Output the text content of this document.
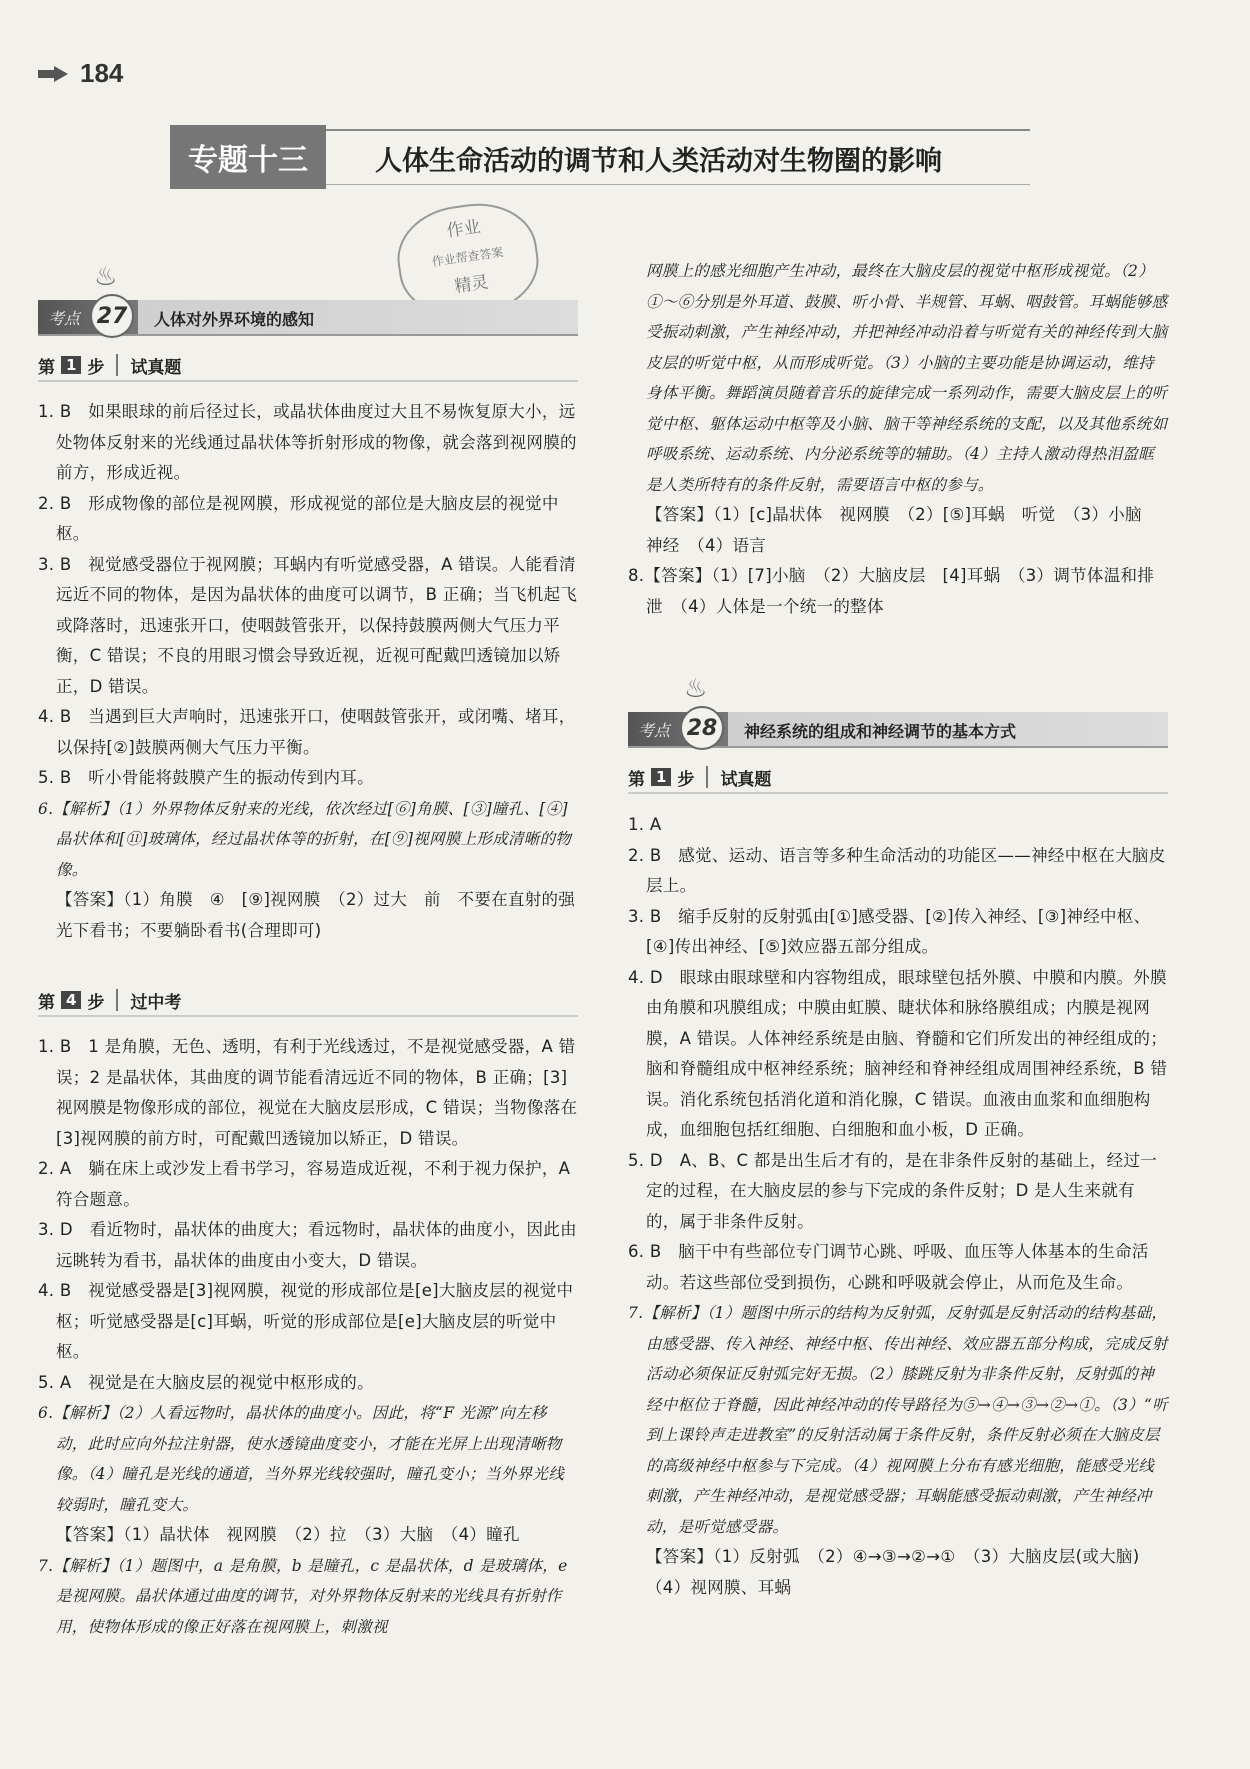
184
专题十三	人体生命活动的调节和人类活动对生物圈的影响
作业
作业帮查答案
精灵
♨
考点 27	人体对外界环境的感知
第 1 步 试真题

1. B　如果眼球的前后径过长，或晶状体曲度过大且不易恢复原大小，远处物体反射来的光线通过晶状体等折射形成的物像，就会落到视网膜的前方，形成近视。

2. B　形成物像的部位是视网膜，形成视觉的部位是大脑皮层的视觉中枢。

3. B　视觉感受器位于视网膜；耳蜗内有听觉感受器，A 错误。人能看清远近不同的物体，是因为晶状体的曲度可以调节，B 正确；当飞机起飞或降落时，迅速张开口，使咽鼓管张开，以保持鼓膜两侧大气压力平衡，C 错误；不良的用眼习惯会导致近视，近视可配戴凹透镜加以矫正，D 错误。

4. B　当遇到巨大声响时，迅速张开口，使咽鼓管张开，或闭嘴、堵耳，以保持[②]鼓膜两侧大气压力平衡。

5. B　听小骨能将鼓膜产生的振动传到内耳。

6.【解析】（1）外界物体反射来的光线，依次经过[⑥]角膜、[③]瞳孔、[④]晶状体和[⑪]玻璃体，经过晶状体等的折射，在[⑨]视网膜上形成清晰的物像。

【答案】（1）角膜　④　[⑨]视网膜　（2）过大　前　不要在直射的强光下看书；不要躺卧看书(合理即可)

第 4 步 过中考

1. B　1 是角膜，无色、透明，有利于光线透过，不是视觉感受器，A 错误；2 是晶状体，其曲度的调节能看清远近不同的物体，B 正确；[3]视网膜是物像形成的部位，视觉在大脑皮层形成，C 错误；当物像落在[3]视网膜的前方时，可配戴凹透镜加以矫正，D 错误。

2. A　躺在床上或沙发上看书学习，容易造成近视，不利于视力保护，A 符合题意。

3. D　看近物时，晶状体的曲度大；看远物时，晶状体的曲度小，因此由远眺转为看书，晶状体的曲度由小变大，D 错误。

4. B　视觉感受器是[3]视网膜，视觉的形成部位是[e]大脑皮层的视觉中枢；听觉感受器是[c]耳蜗，听觉的形成部位是[e]大脑皮层的听觉中枢。

5. A　视觉是在大脑皮层的视觉中枢形成的。

6.【解析】（2）人看远物时，晶状体的曲度小。因此，将“F 光源”向左移动，此时应向外拉注射器，使水透镜曲度变小，才能在光屏上出现清晰物像。（4）瞳孔是光线的通道，当外界光线较强时，瞳孔变小；当外界光线较弱时，瞳孔变大。

【答案】（1）晶状体　视网膜　（2）拉　（3）大脑　（4）瞳孔

7.【解析】（1）题图中，a 是角膜，b 是瞳孔，c 是晶状体，d 是玻璃体，e 是视网膜。晶状体通过曲度的调节，对外界物体反射来的光线具有折射作用，使物体形成的像正好落在视网膜上，刺激视

网膜上的感光细胞产生冲动，最终在大脑皮层的视觉中枢形成视觉。（2）①～⑥分别是外耳道、鼓膜、听小骨、半规管、耳蜗、咽鼓管。耳蜗能够感受振动刺激，产生神经冲动，并把神经冲动沿着与听觉有关的神经传到大脑皮层的听觉中枢，从而形成听觉。（3）小脑的主要功能是协调运动，维持身体平衡。舞蹈演员随着音乐的旋律完成一系列动作，需要大脑皮层上的听觉中枢、躯体运动中枢等及小脑、脑干等神经系统的支配，以及其他系统如呼吸系统、运动系统、内分泌系统等的辅助。（4）主持人激动得热泪盈眶是人类所特有的条件反射，需要语言中枢的参与。

【答案】（1）[c]晶状体　视网膜　（2）[⑤]耳蜗　听觉　（3）小脑　神经　（4）语言

8.【答案】（1）[7]小脑　（2）大脑皮层　[4]耳蜗　（3）调节体温和排泄　（4）人体是一个统一的整体

♨
考点 28	神经系统的组成和神经调节的基本方式
第 1 步 试真题

1. A

2. B　感觉、运动、语言等多种生命活动的功能区——神经中枢在大脑皮层上。

3. B　缩手反射的反射弧由[①]感受器、[②]传入神经、[③]神经中枢、[④]传出神经、[⑤]效应器五部分组成。

4. D　眼球由眼球壁和内容物组成，眼球壁包括外膜、中膜和内膜。外膜由角膜和巩膜组成；中膜由虹膜、睫状体和脉络膜组成；内膜是视网膜，A 错误。人体神经系统是由脑、脊髓和它们所发出的神经组成的；脑和脊髓组成中枢神经系统；脑神经和脊神经组成周围神经系统，B 错误。消化系统包括消化道和消化腺，C 错误。血液由血浆和血细胞构成，血细胞包括红细胞、白细胞和血小板，D 正确。

5. D　A、B、C 都是出生后才有的，是在非条件反射的基础上，经过一定的过程，在大脑皮层的参与下完成的条件反射；D 是人生来就有的，属于非条件反射。

6. B　脑干中有些部位专门调节心跳、呼吸、血压等人体基本的生命活动。若这些部位受到损伤，心跳和呼吸就会停止，从而危及生命。

7.【解析】（1）题图中所示的结构为反射弧，反射弧是反射活动的结构基础，由感受器、传入神经、神经中枢、传出神经、效应器五部分构成，完成反射活动必须保证反射弧完好无损。（2）膝跳反射为非条件反射，反射弧的神经中枢位于脊髓，因此神经冲动的传导路径为⑤→④→③→②→①。（3）“听到上课铃声走进教室”的反射活动属于条件反射，条件反射必须在大脑皮层的高级神经中枢参与下完成。（4）视网膜上分布有感光细胞，能感受光线刺激，产生神经冲动，是视觉感受器；耳蜗能感受振动刺激，产生神经冲动，是听觉感受器。

【答案】（1）反射弧　（2）④→③→②→①　（3）大脑皮层(或大脑)　（4）视网膜、耳蜗
